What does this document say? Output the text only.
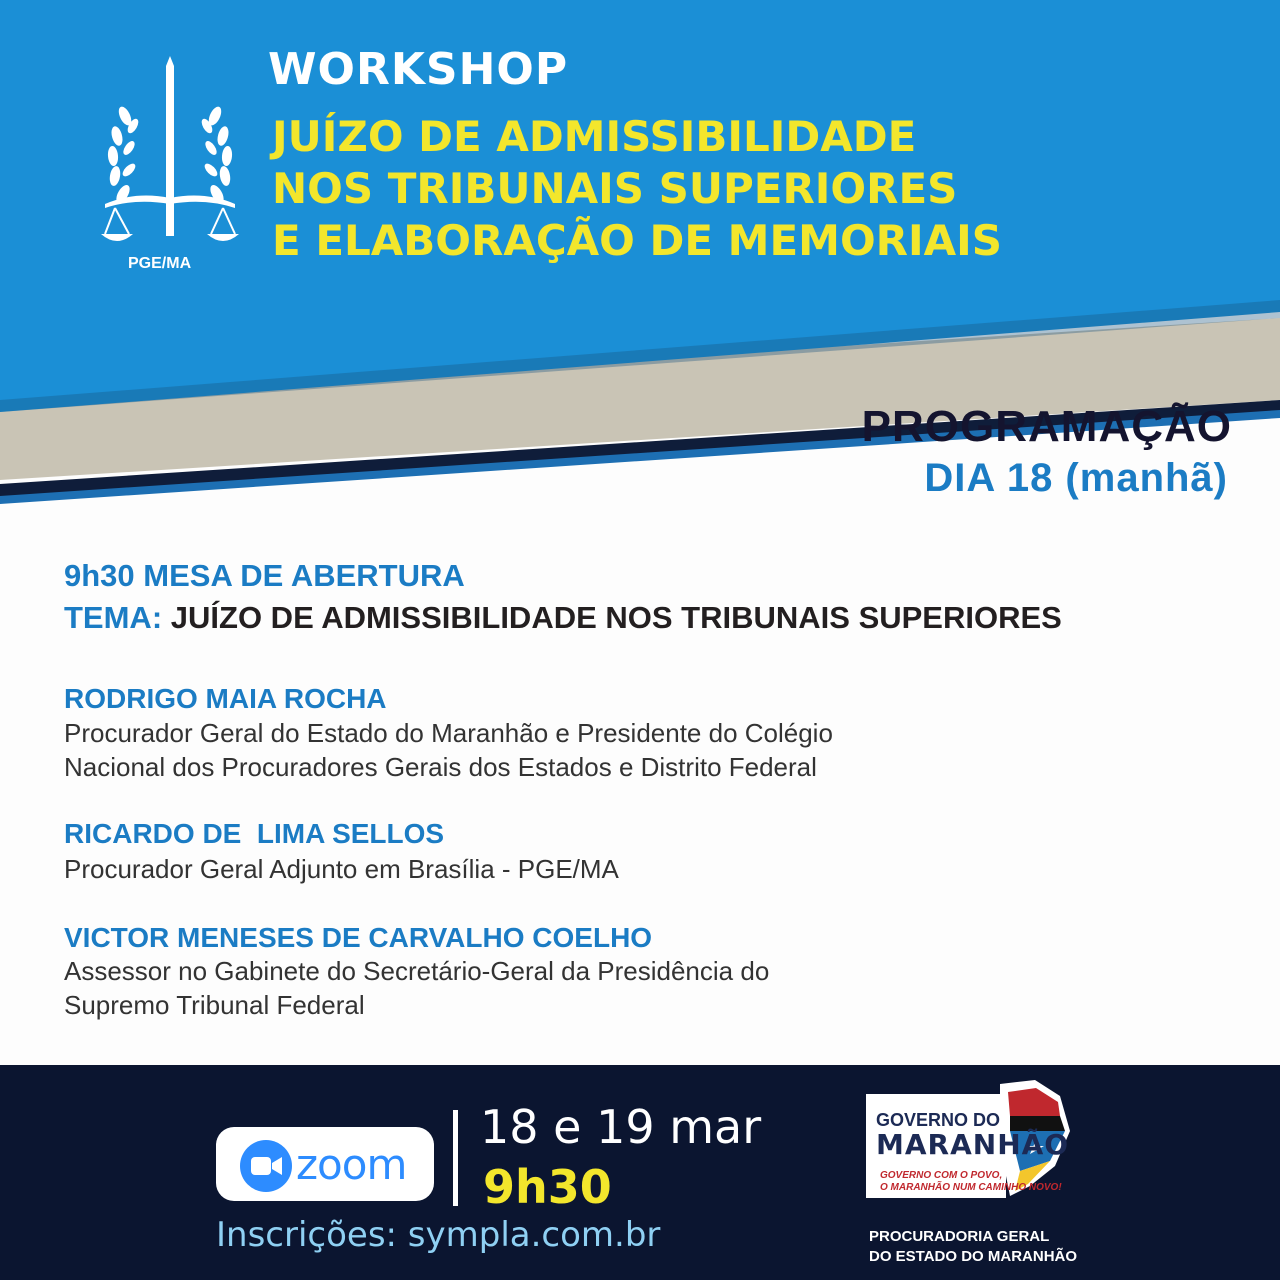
PGE/MA
WORKSHOP
JUÍZO DE ADMISSIBILIDADE
NOS TRIBUNAIS SUPERIORES
E ELABORAÇÃO DE MEMORIAIS
PROGRAMAÇÃO
DIA 18 (manhã)
9h30 MESA DE ABERTURA
TEMA: JUÍZO DE ADMISSIBILIDADE NOS TRIBUNAIS SUPERIORES
RODRIGO MAIA ROCHA
Procurador Geral do Estado do Maranhão e Presidente do Colégio
Nacional dos Procuradores Gerais dos Estados e Distrito Federal
RICARDO DE  LIMA SELLOS
Procurador Geral Adjunto em Brasília - PGE/MA
VICTOR MENESES DE CARVALHO COELHO
Assessor no Gabinete do Secretário-Geral da Presidência do
Supremo Tribunal Federal
zoom
18 e 19 mar
9h30
Inscrições: sympla.com.br
GOVERNO DO
MARANHÃO
GOVERNO COM O POVO,
O MARANHÃO NUM CAMINHO NOVO!
PROCURADORIA GERAL
DO ESTADO DO MARANHÃO
